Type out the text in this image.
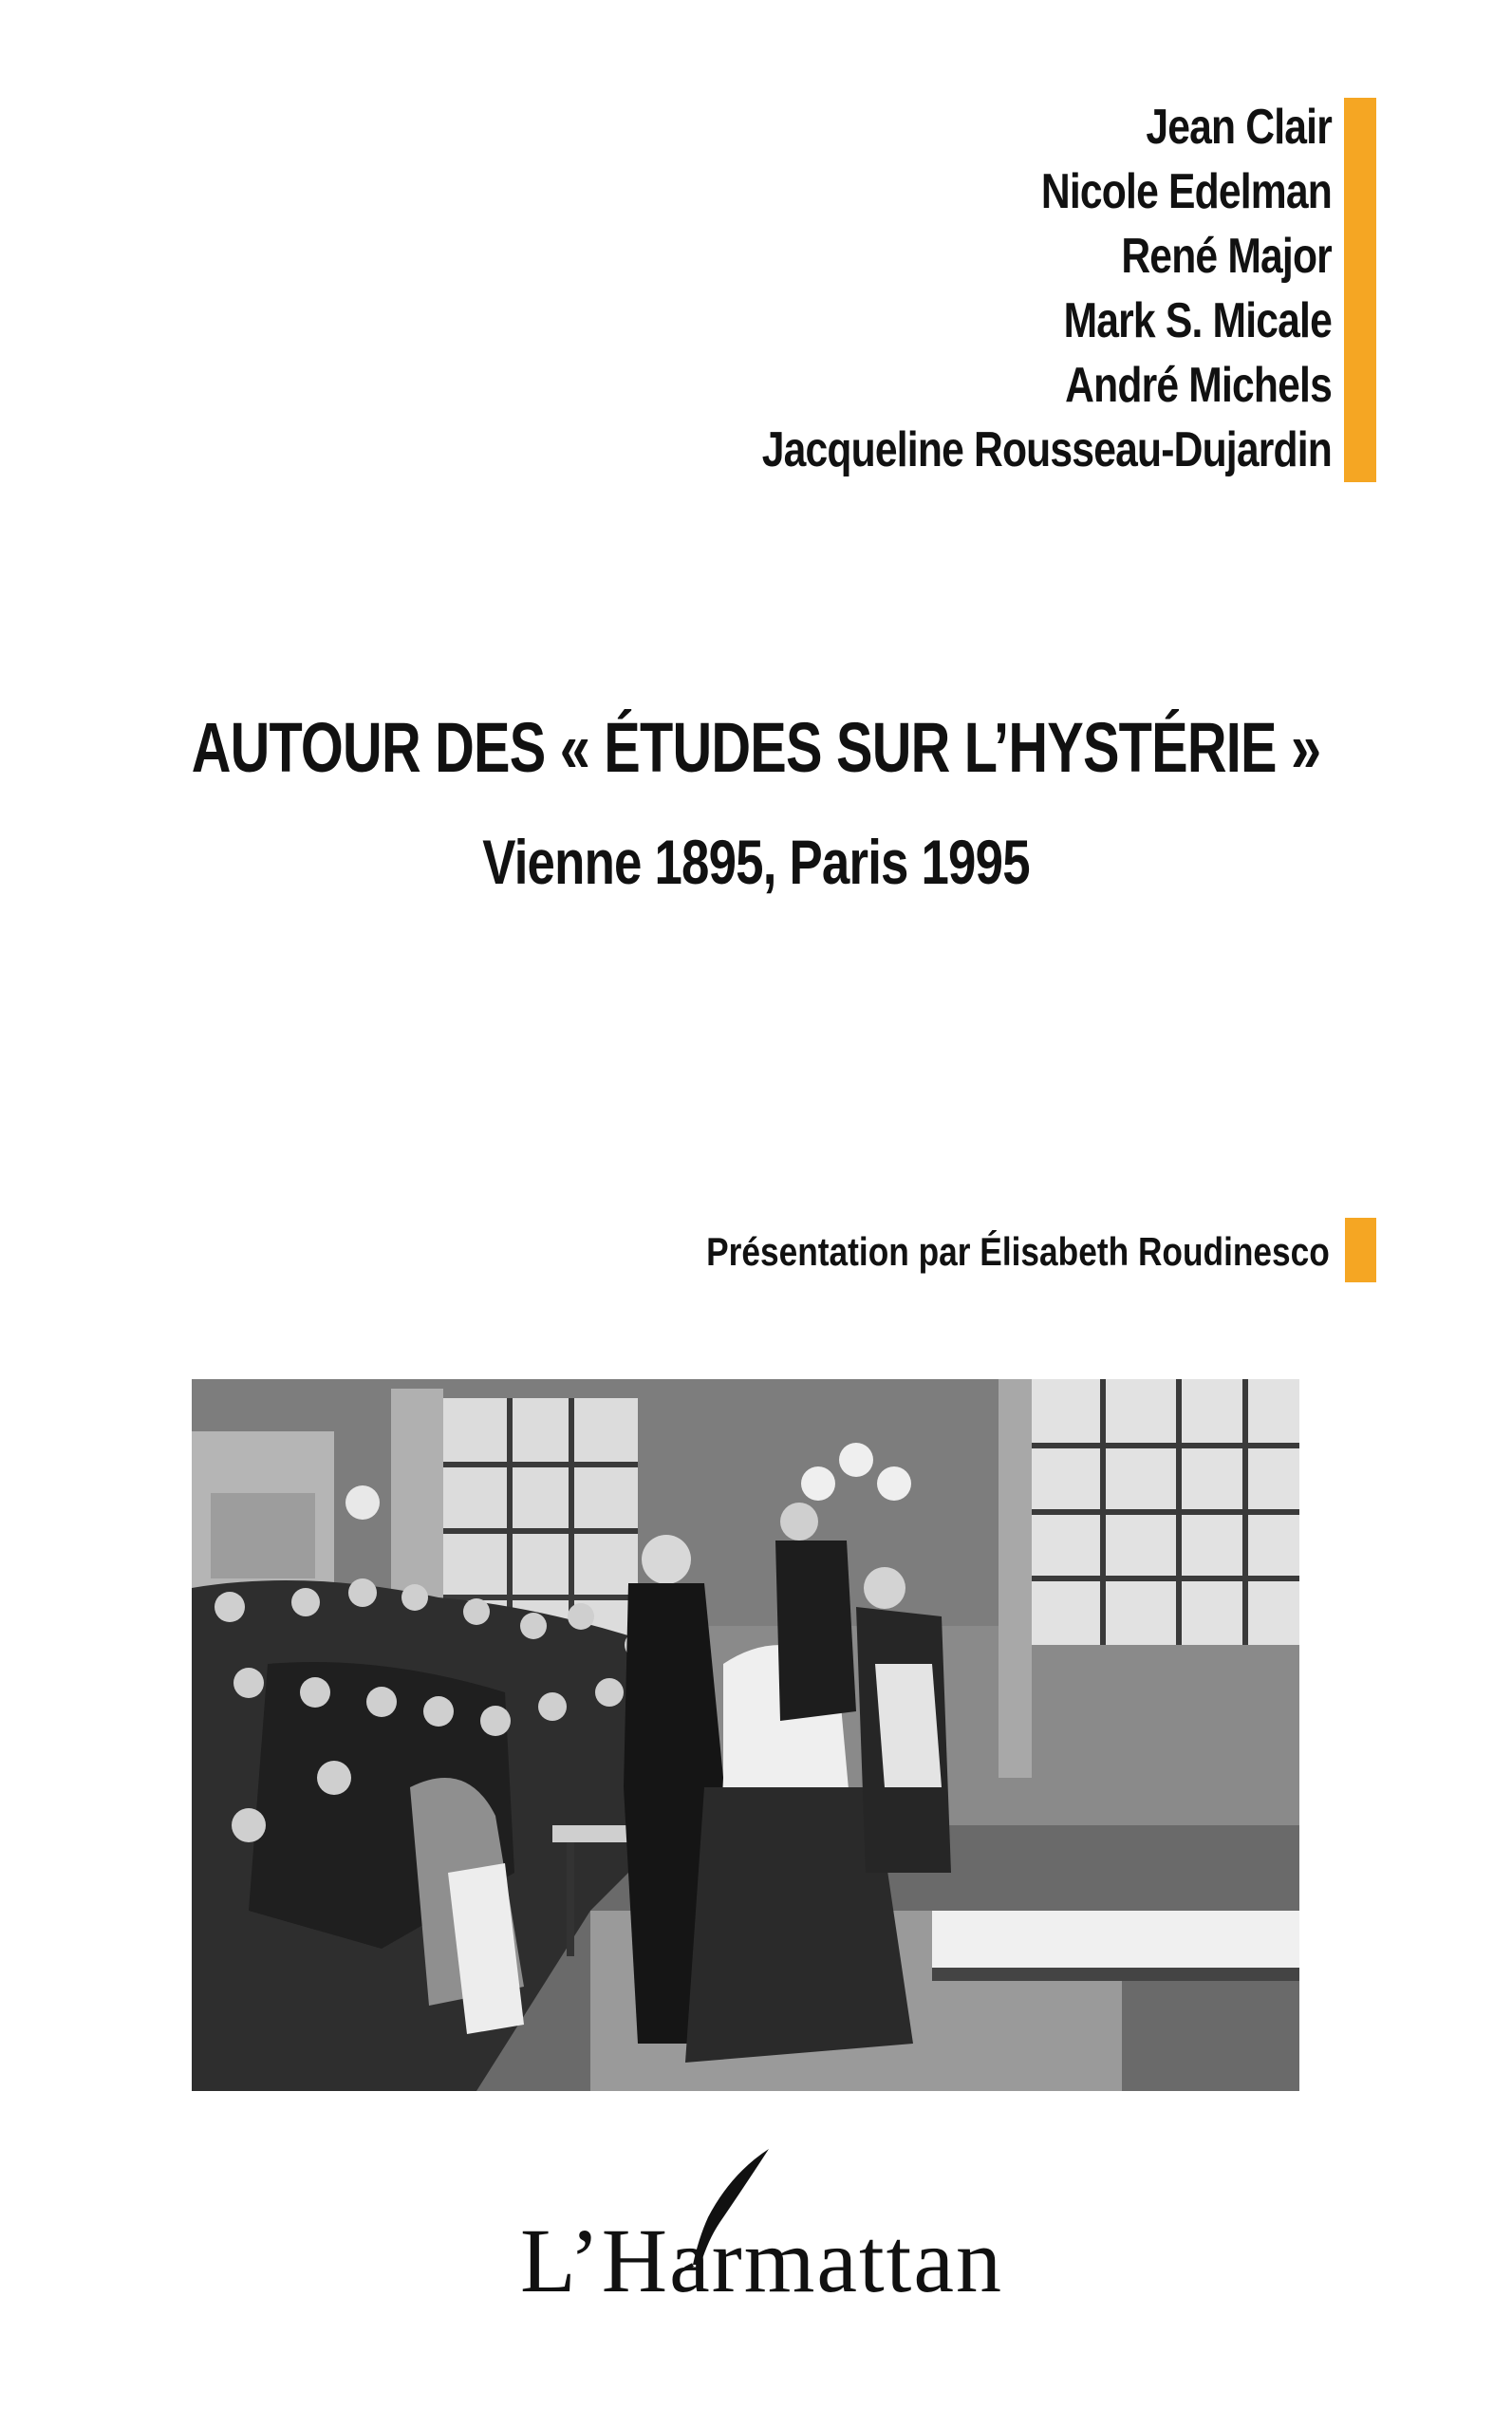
Jean Clair
Nicole Edelman
René Major
Mark S. Micale
André Michels
Jacqueline Rousseau-Dujardin
AUTOUR DES « ÉTUDES SUR L’HYSTÉRIE »
Vienne 1895, Paris 1995
Présentation par Élisabeth Roudinesco
L’Harmattan
